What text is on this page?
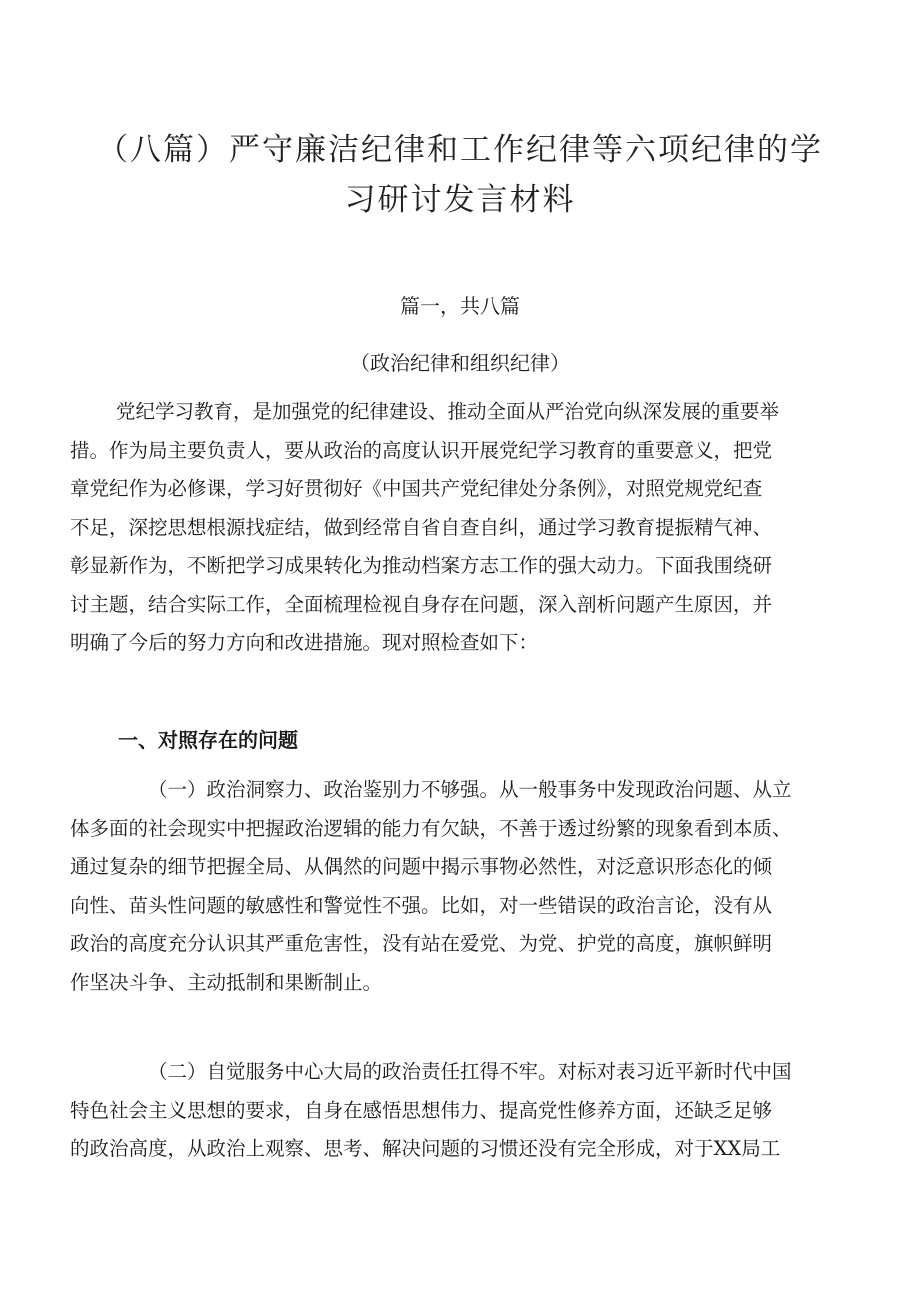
（八篇）严守廉洁纪律和工作纪律等六项纪律的学
习研讨发言材料
篇一，共八篇
（政治纪律和组织纪律）
党纪学习教育，是加强党的纪律建设、推动全面从严治党向纵深发展的重要举
措。作为局主要负责人，要从政治的高度认识开展党纪学习教育的重要意义，把党
章党纪作为必修课，学习好贯彻好《中国共产党纪律处分条例》，对照党规党纪查
不足，深挖思想根源找症结，做到经常自省自查自纠，通过学习教育提振精气神、
彰显新作为，不断把学习成果转化为推动档案方志工作的强大动力。下面我围绕研
讨主题，结合实际工作，全面梳理检视自身存在问题，深入剖析问题产生原因，并
明确了今后的努力方向和改进措施。现对照检查如下：
一、对照存在的问题
（一）政治洞察力、政治鉴别力不够强。从一般事务中发现政治问题、从立
体多面的社会现实中把握政治逻辑的能力有欠缺，不善于透过纷繁的现象看到本质、
通过复杂的细节把握全局、从偶然的问题中揭示事物必然性，对泛意识形态化的倾
向性、苗头性问题的敏感性和警觉性不强。比如，对一些错误的政治言论，没有从
政治的高度充分认识其严重危害性，没有站在爱党、为党、护党的高度，旗帜鲜明
作坚决斗争、主动抵制和果断制止。
（二）自觉服务中心大局的政治责任扛得不牢。对标对表习近平新时代中国
特色社会主义思想的要求，自身在感悟思想伟力、提高党性修养方面，还缺乏足够
的政治高度，从政治上观察、思考、解决问题的习惯还没有完全形成，对于XX局工
